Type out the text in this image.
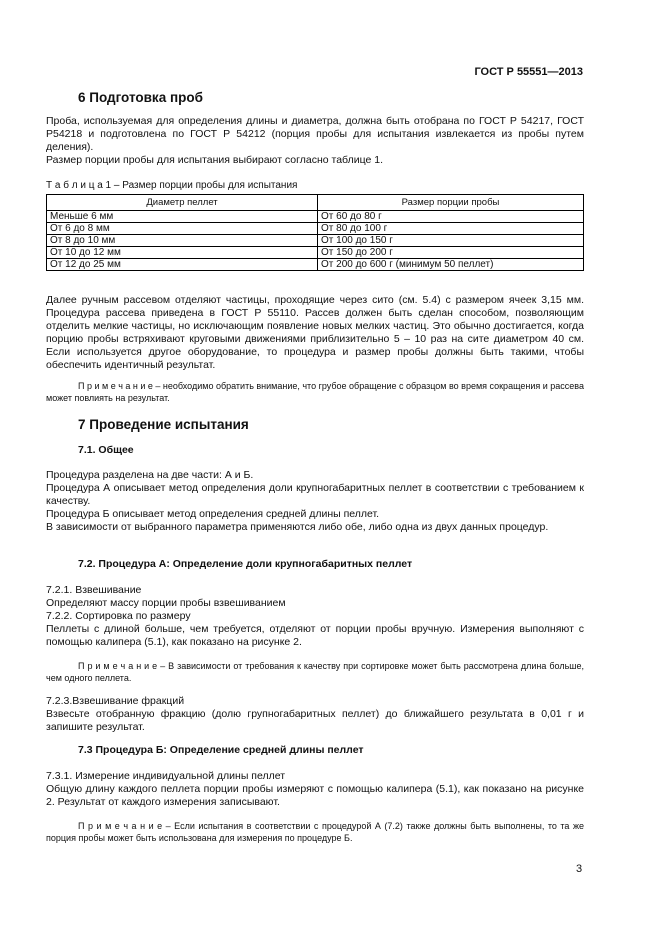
ГОСТ Р 55551—2013
6 Подготовка проб

Проба, используемая для определения длины и диаметра, должна быть отобрана по ГОСТ Р 54217, ГОСТ Р54218 и подготовлена по ГОСТ Р 54212 (порция пробы для испытания извлекается из пробы путем деления).

Размер порции пробы для испытания выбирают согласно таблице 1.

Т а б л и ц а 1 – Размер порции пробы для испытания
Диаметр пеллет	Размер порции пробы
Меньше 6 мм	От 60 до 80 г
От 6 до 8 мм	От 80 до 100 г
От 8 до 10 мм	От 100 до 150 г
От 10 до 12 мм	От 150 до 200 г
От 12 до 25 мм	От 200 до 600 г (минимум 50 пеллет)

Далее ручным рассевом отделяют частицы, проходящие через сито (см. 5.4) с размером ячеек 3,15 мм. Процедура рассева приведена в ГОСТ Р 55110. Рассев должен быть сделан способом, позволяющим отделить мелкие частицы, но исключающим появление новых мелких частиц. Это обычно достигается, когда порцию пробы встряхивают круговыми движениями приблизительно 5 – 10 раз на сите диаметром 40 см. Если используется другое оборудование, то процедура и размер пробы должны быть такими, чтобы обеспечить идентичный результат.

П р и м е ч а н и е – необходимо обратить внимание, что грубое обращение с образцом во время сокращения и рассева может повлиять на результат.
7 Проведение испытания
7.1. Общее

Процедура разделена на две части: А и Б.

Процедура А описывает метод определения доли крупногабаритных пеллет в соответствии с требованием к качеству.

Процедура Б описывает метод определения средней длины пеллет.

В зависимости от выбранного параметра применяются либо обе, либо одна из двух данных процедур.

7.2. Процедура А: Определение доли крупногабаритных пеллет

7.2.1. Взвешивание

Определяют массу порции пробы взвешиванием

7.2.2. Сортировка по размеру

Пеллеты с длиной больше, чем требуется, отделяют от порции пробы вручную. Измерения выполняют с помощью калипера (5.1), как показано на рисунке 2.

П р и м е ч а н и е – В зависимости от требования к качеству при сортировке может быть рассмотрена длина больше, чем одного пеллета.

7.2.3.Взвешивание фракций

Взвесьте отобранную фракцию (долю групногабаритных пеллет) до ближайшего результата в 0,01 г и запишите результат.

7.3 Процедура Б: Определение средней длины пеллет

7.3.1. Измерение индивидуальной длины пеллет

Общую длину каждого пеллета порции пробы измеряют с помощью калипера (5.1), как показано на рисунке 2. Результат от каждого измерения записывают.

П р и м е ч а н и е – Если испытания в соответствии с процедурой А (7.2) также должны быть выполнены, то та же порция пробы может быть использована для измерения по процедуре Б.
3
